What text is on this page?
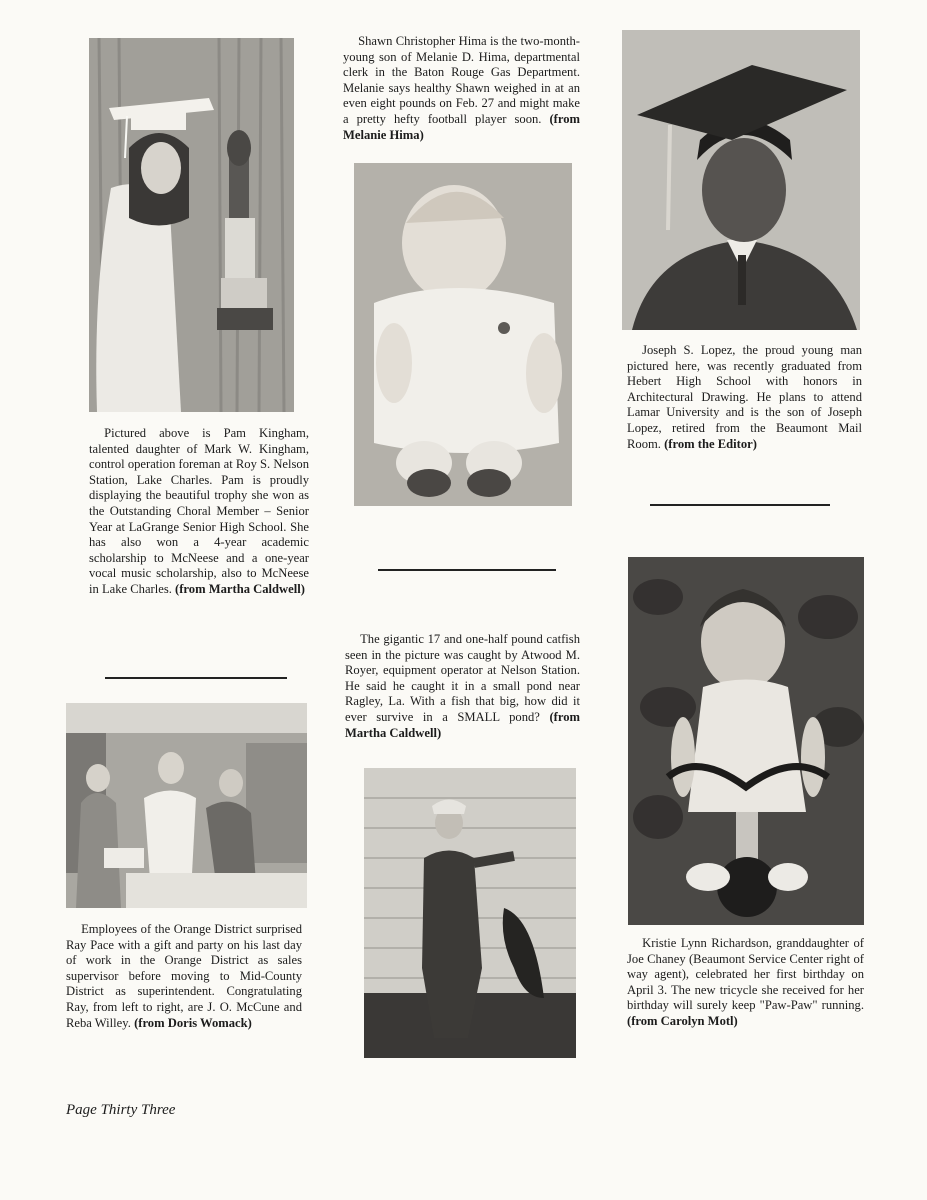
Pictured above is Pam Kingham, talented daughter of Mark W. Kingham, control operation foreman at Roy S. Nelson Station, Lake Charles. Pam is proudly displaying the beautiful trophy she won as the Outstanding Choral Member – Senior Year at LaGrange Senior High School. She has also won a 4-year academic scholarship to McNeese and a one-year vocal music scholarship, also to McNeese in Lake Charles. (from Martha Caldwell)

Shawn Christopher Hima is the two-month-young son of Melanie D. Hima, departmental clerk in the Baton Rouge Gas Department. Melanie says healthy Shawn weighed in at an even eight pounds on Feb. 27 and might make a pretty hefty football player soon. (from Melanie Hima)

Joseph S. Lopez, the proud young man pictured here, was recently graduated from Hebert High School with honors in Architectural Drawing. He plans to attend Lamar University and is the son of Joseph Lopez, retired from the Beaumont Mail Room. (from the Editor)

The gigantic 17 and one-half pound catfish seen in the picture was caught by Atwood M. Royer, equipment operator at Nelson Station. He said he caught it in a small pond near Ragley, La. With a fish that big, how did it ever survive in a SMALL pond? (from Martha Caldwell)

Employees of the Orange District surprised Ray Pace with a gift and party on his last day of work in the Orange District as sales supervisor before moving to Mid-County District as superintendent. Congratulating Ray, from left to right, are J. O. McCune and Reba Willey. (from Doris Womack)

Kristie Lynn Richardson, granddaughter of Joe Chaney (Beaumont Service Center right of way agent), celebrated her first birthday on April 3. The new tricycle she received for her birthday will surely keep "Paw-Paw" running. (from Carolyn Motl)

Page Thirty Three
